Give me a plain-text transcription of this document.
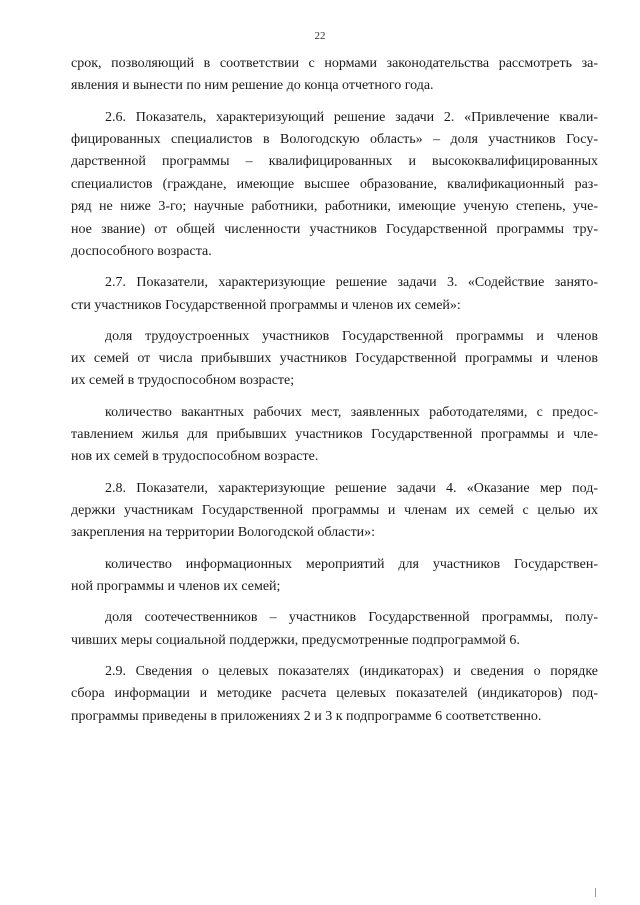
22
срок, позволяющий в соответствии с нормами законодательства рассмотреть за-
явления и вынести по ним решение до конца отчетного года.
2.6. Показатель, характеризующий решение задачи 2. «Привлечение квали-
фицированных специалистов в Вологодскую область» – доля участников Госу-
дарственной программы – квалифицированных и высококвалифицированных
специалистов (граждане, имеющие высшее образование, квалификационный раз-
ряд не ниже 3-го; научные работники, работники, имеющие ученую степень, уче-
ное звание) от общей численности участников Государственной программы тру-
доспособного возраста.
2.7. Показатели, характеризующие решение задачи 3. «Содействие занято-
сти участников Государственной программы и членов их семей»:
доля трудоустроенных участников Государственной программы и членов
их семей от числа прибывших участников Государственной программы и членов
их семей в трудоспособном возрасте;
количество вакантных рабочих мест, заявленных работодателями, с предос-
тавлением жилья для прибывших участников Государственной программы и чле-
нов их семей в трудоспособном возрасте.
2.8. Показатели, характеризующие решение задачи 4. «Оказание мер под-
держки участникам Государственной программы и членам их семей с целью их
закрепления на территории Вологодской области»:
количество информационных мероприятий для участников Государствен-
ной программы и членов их семей;
доля соотечественников – участников Государственной программы, полу-
чивших меры социальной поддержки, предусмотренные подпрограммой 6.
2.9. Сведения о целевых показателях (индикаторах) и сведения о порядке
сбора информации и методике расчета целевых показателей (индикаторов) под-
программы приведены в приложениях 2 и 3 к подпрограмме 6 соответственно.
